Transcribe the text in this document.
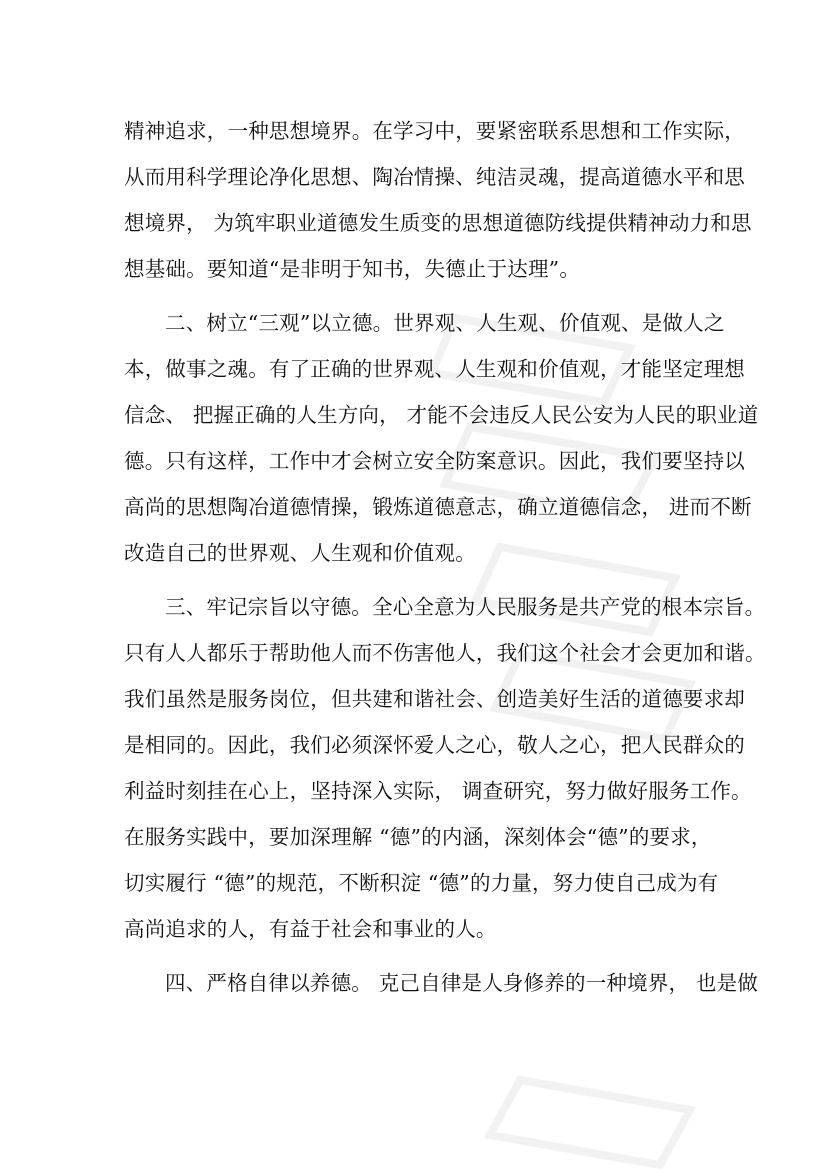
精神追求，一种思想境界。在学习中，要紧密联系思想和工作实际，
从而用科学理论净化思想、陶冶情操、纯洁灵魂，提高道德水平和思
想境界， 为筑牢职业道德发生质变的思想道德防线提供精神动力和思
想基础。要知道“是非明于知书，失德止于达理”。

二、树立“三观”以立德。世界观、人生观、价值观、是做人之
本，做事之魂。有了正确的世界观、人生观和价值观，才能坚定理想
信念、 把握正确的人生方向， 才能不会违反人民公安为人民的职业道
德。只有这样，工作中才会树立安全防案意识。因此，我们要坚持以
高尚的思想陶冶道德情操，锻炼道德意志，确立道德信念， 进而不断
改造自己的世界观、人生观和价值观。

三、牢记宗旨以守德。全心全意为人民服务是共产党的根本宗旨。
只有人人都乐于帮助他人而不伤害他人，我们这个社会才会更加和谐。
我们虽然是服务岗位，但共建和谐社会、创造美好生活的道德要求却
是相同的。因此，我们必须深怀爱人之心，敬人之心，把人民群众的
利益时刻挂在心上，坚持深入实际， 调查研究，努力做好服务工作。
在服务实践中，要加深理解 “德”的内涵，深刻体会“德”的要求，
切实履行 “德”的规范，不断积淀 “德”的力量，努力使自己成为有
高尚追求的人，有益于社会和事业的人。

四、严格自律以养德。 克己自律是人身修养的一种境界， 也是做
